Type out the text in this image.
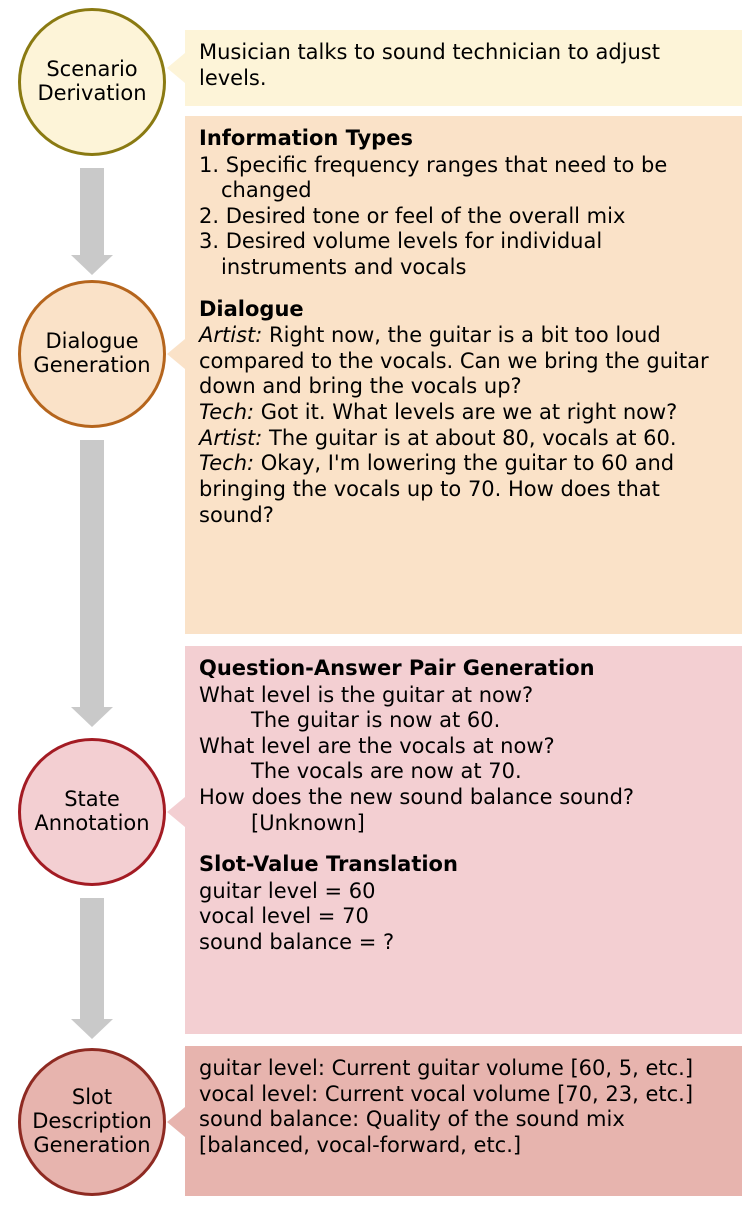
Scenario
Derivation
Dialogue
Generation
State
Annotation
Slot
Description
Generation

Musician talks to sound technician to adjust levels.

Information Types

1. Specific frequency ranges that need to be changed

2. Desired tone or feel of the overall mix

3. Desired volume levels for individual instruments and vocals

Dialogue

Artist: Right now, the guitar is a bit too loud compared to the vocals. Can we bring the guitar down and bring the vocals up?

Tech: Got it. What levels are we at right now?

Artist: The guitar is at about 80, vocals at 60.

Tech: Okay, I'm lowering the guitar to 60 and bringing the vocals up to 70. How does that sound?

Question-Answer Pair Generation

What level is the guitar at now?

The guitar is now at 60.

What level are the vocals at now?

The vocals are now at 70.

How does the new sound balance sound?

[Unknown]

Slot-Value Translation

guitar level = 60

vocal level = 70

sound balance = ?

guitar level: Current guitar volume [60, 5, etc.]

vocal level: Current vocal volume [70, 23, etc.]

sound balance: Quality of the sound mix [balanced, vocal-forward, etc.]
